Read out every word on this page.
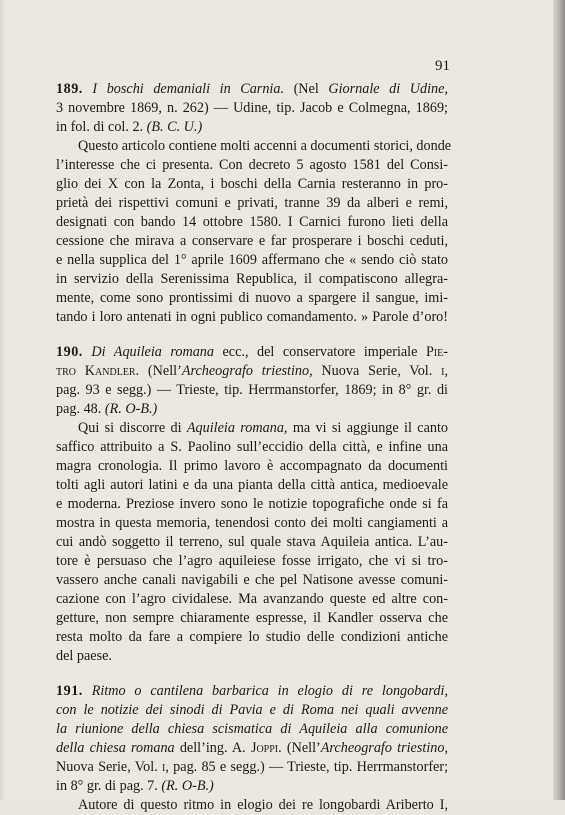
91
189. I boschi demaniali in Carnia. (Nel Giornale di Udine,
3 novembre 1869, n. 262) — Udine, tip. Jacob e Colmegna, 1869;
in fol. di col. 2. (B. C. U.)
Questo articolo contiene molti accenni a documenti storici, donde
l’interesse che ci presenta. Con decreto 5 agosto 1581 del Consi-
glio dei X con la Zonta, i boschi della Carnia resteranno in pro-
prietà dei rispettivi comuni e privati, tranne 39 da alberi e remi,
designati con bando 14 ottobre 1580. I Carnici furono lieti della
cessione che mirava a conservare e far prosperare i boschi ceduti,
e nella supplica del 1° aprile 1609 affermano che « sendo ciò stato
in servizio della Serenissima Republica, il compatiscono allegra-
mente, come sono prontissimi di nuovo a spargere il sangue, imi-
tando i loro antenati in ogni publico comandamento. » Parole d’oro!
190. Di Aquileia romana ecc., del conservatore imperiale Pie-
tro Kandler. (Nell’Archeografo triestino, Nuova Serie, Vol. i,
pag. 93 e segg.) — Trieste, tip. Herrmanstorfer, 1869; in 8° gr. di
pag. 48. (R. O-B.)
Qui si discorre di Aquileia romana, ma vi si aggiunge il canto
saffico attribuito a S. Paolino sull’eccidio della città, e infine una
magra cronologia. Il primo lavoro è accompagnato da documenti
tolti agli autori latini e da una pianta della città antica, medioevale
e moderna. Preziose invero sono le notizie topografiche onde si fa
mostra in questa memoria, tenendosi conto dei molti cangiamenti a
cui andò soggetto il terreno, sul quale stava Aquileia antica. L’au-
tore è persuaso che l’agro aquileiese fosse irrigato, che vi si tro-
vassero anche canali navigabili e che pel Natisone avesse comuni-
cazione con l’agro cividalese. Ma avanzando queste ed altre con-
getture, non sempre chiaramente espresse, il Kandler osserva che
resta molto da fare a compiere lo studio delle condizioni antiche
del paese.
191. Ritmo o cantilena barbarica in elogio di re longobardi,
con le notizie dei sinodi di Pavia e di Roma nei quali avvenne
la riunione della chiesa scismatica di Aquileia alla comunione
della chiesa romana dell’ing. A. Joppi. (Nell’Archeografo triestino,
Nuova Serie, Vol. i, pag. 85 e segg.) — Trieste, tip. Herrmanstorfer;
in 8° gr. di pag. 7. (R. O-B.)
Autore di questo ritmo in elogio dei re longobardi Ariberto I,
